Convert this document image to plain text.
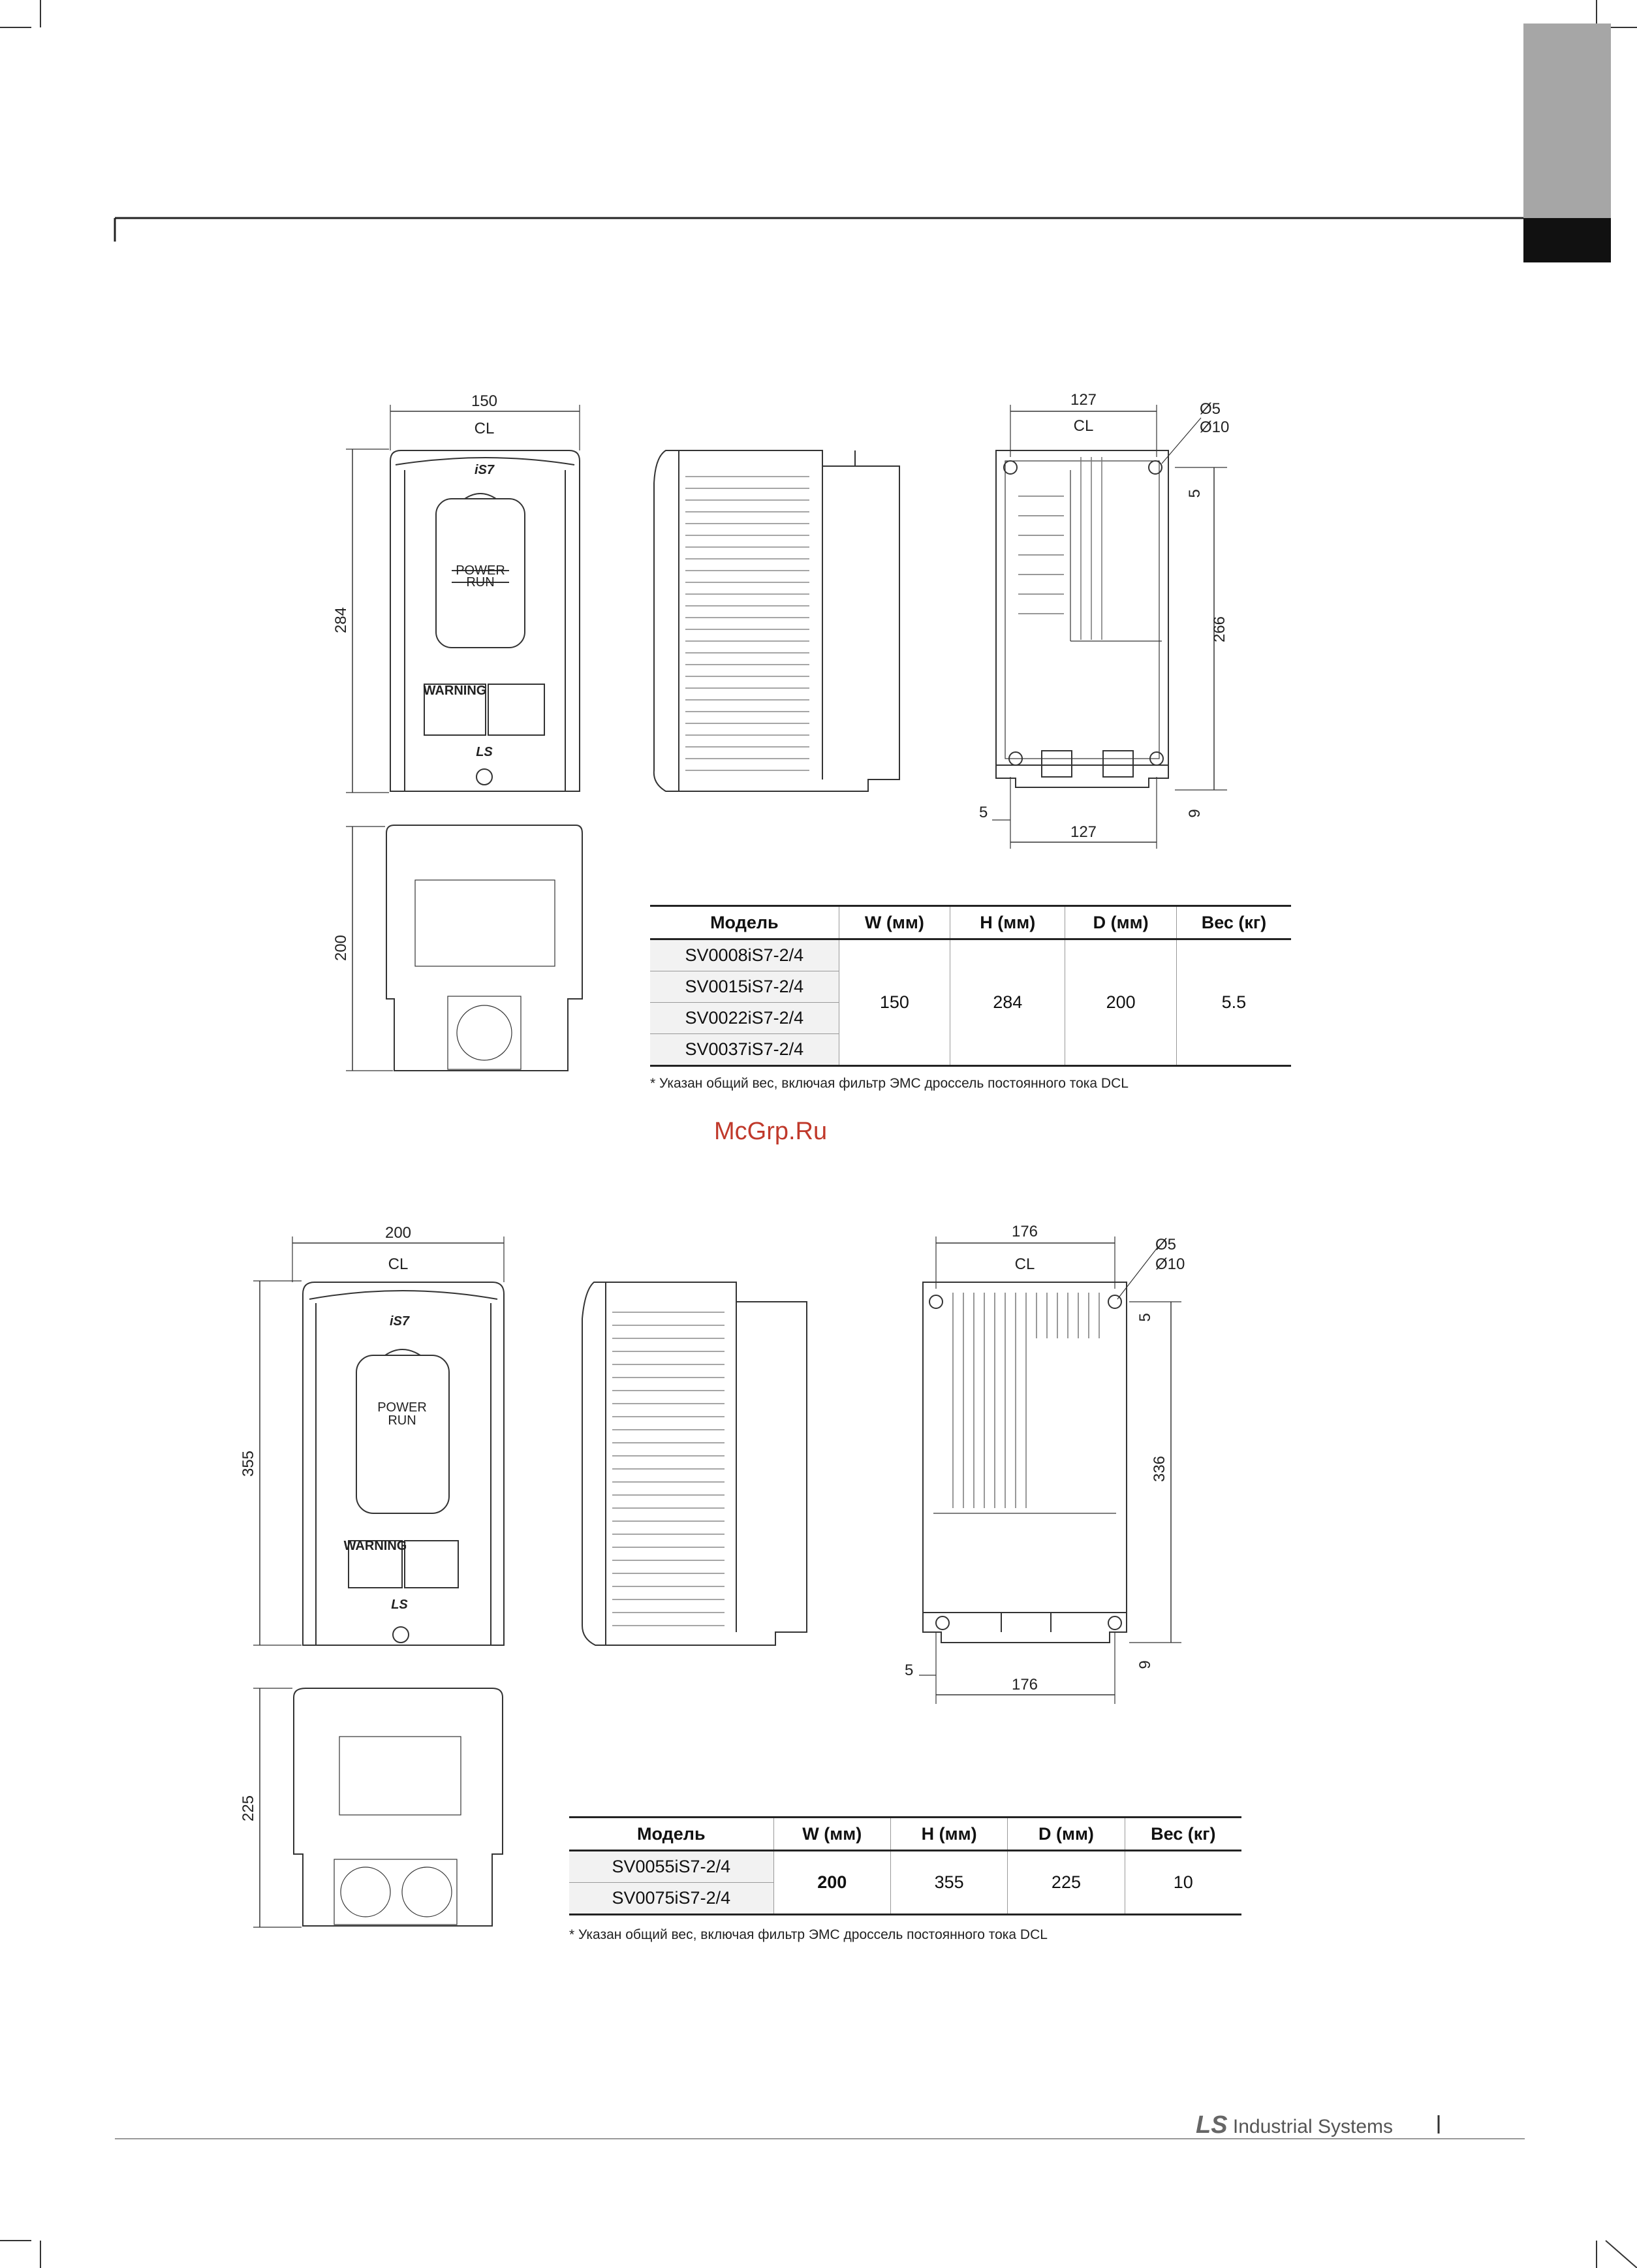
150
CL
284
iS7
POWER
RUN
WARNING
LS
200
127
CL
Ø5
Ø10
5
266
5
127
9
200
CL
355
iS7
POWER
RUN
WARNING
LS
225
176
CL
Ø5
Ø10
5
336
5
176
9
Модель	W (мм)	H (мм)	D (мм)	Вес (кг)
SV0008iS7-2/4	150	284	200	5.5
SV0015iS7-2/4				
SV0022iS7-2/4				
SV0037iS7-2/4				
* Указан общий вес, включая фильтр ЭМС дроссель постоянного тока DCL
McGrp.Ru
Модель	W (мм)	H (мм)	D (мм)	Вес (кг)
SV0055iS7-2/4	200	355	225	10
SV0075iS7-2/4				
* Указан общий вес, включая фильтр ЭМС дроссель постоянного тока DCL
LS Industrial Systems
